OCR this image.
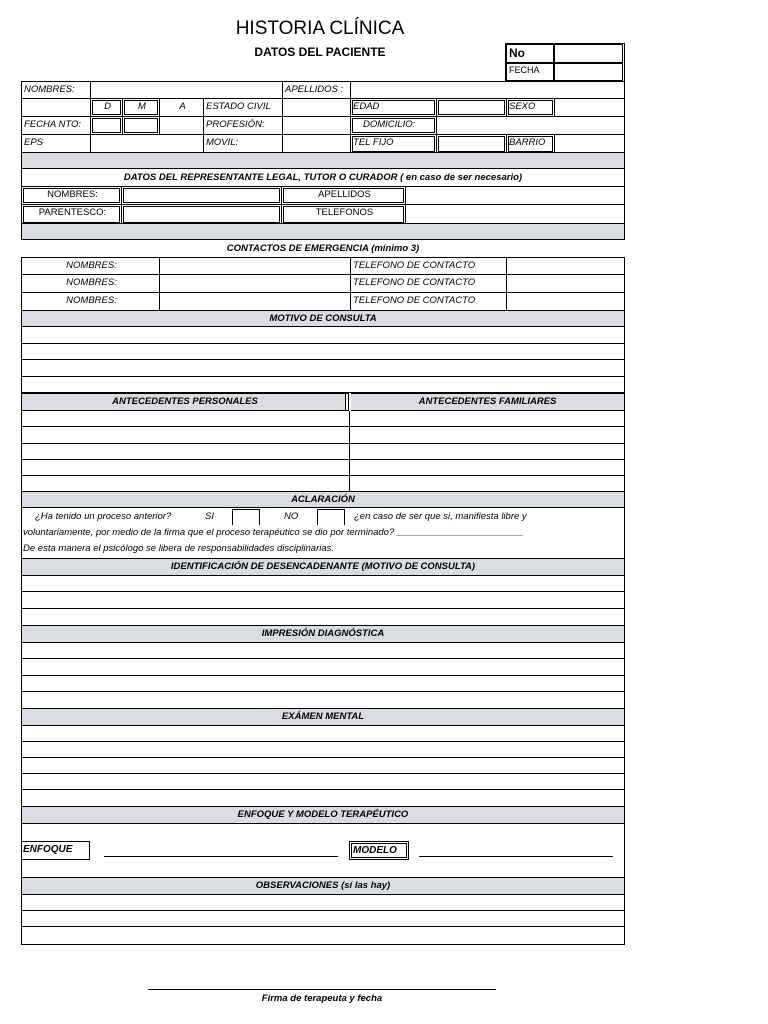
HISTORIA CLÍNICA
DATOS DEL PACIENTE	No
FECHA
NOMBRES:	APELLIDOS :
D	M	A	ESTADO CIVIL	EDAD	SEXO
FECHA NTO:	PROFESIÓN:	DOMICILIO:
EPS	MOVIL:	TEL FIJO	BARRIO
DATOS DEL REPRESENTANTE LEGAL, TUTOR O CURADOR ( en caso de ser necesario)
NOMBRES:	APELLIDOS
PARENTESCO:	TELEFONOS
CONTACTOS DE EMERGENCIA (mínimo 3)
NOMBRES:	TELEFONO DE CONTACTO
NOMBRES:	TELEFONO DE CONTACTO
NOMBRES:	TELEFONO DE CONTACTO
MOTIVO DE CONSULTA
ANTECEDENTES PERSONALES	ANTECEDENTES FAMILIARES
ACLARACIÓN
¿Ha tenido un proceso anterior?	SI	NO	¿en caso de ser que si, manifiesta libre y
voluntariamente, por medio de la firma que el proceso terapéutico se dio por terminado? ________________________
De esta manera el psicólogo se libera de responsabilidades disciplinarias.
IDENTIFICACIÓN DE DESENCADENANTE (MOTIVO DE CONSULTA)
IMPRESIÓN DIAGNÓSTICA
EXÁMEN MENTAL
ENFOQUE Y MODELO TERAPÉUTICO
ENFOQUE	MODELO
OBSERVACIONES (sí las hay)
Firma de terapeuta y fecha
